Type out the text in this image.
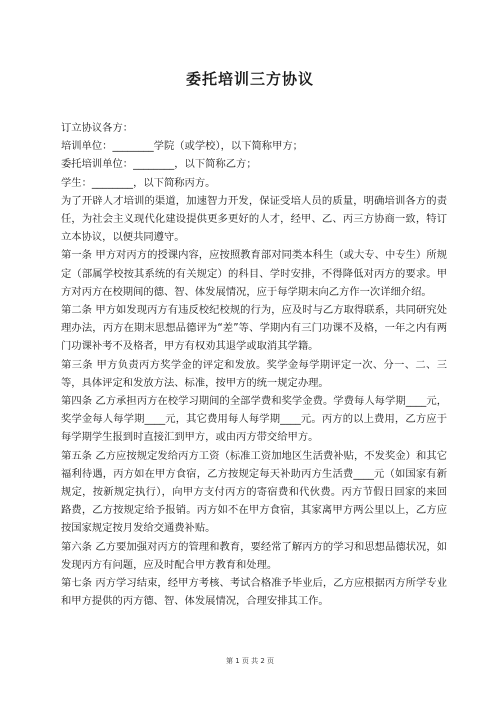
委托培训三方协议

订立协议各方：

培训单位：________学院（或学校），以下简称甲方；

委托培训单位：________，以下简称乙方；

学生：________，以下简称丙方。

为了开辟人才培训的渠道，加速智力开发，保证受培人员的质量，明确培训各方的责任，为社会主义现代化建设提供更多更好的人才，经甲、乙、丙三方协商一致，特订立本协议，以便共同遵守。

第一条 甲方对丙方的授课内容，应按照教育部对同类本科生（或大专、中专生）所规定（部属学校按其系统的有关规定）的科目、学时安排，不得降低对丙方的要求。甲方对丙方在校期间的德、智、体发展情况，应于每学期末向乙方作一次详细介绍。

第二条 甲方如发现丙方有违反校纪校规的行为，应及时与乙方取得联系，共同研究处理办法，丙方在期末思想品德评为“差”等、学期内有三门功课不及格，一年之内有两门功课补考不及格者，甲方有权劝其退学或取消其学籍。

第三条 甲方负责丙方奖学金的评定和发放。奖学金每学期评定一次、分一、二、三等，具体评定和发放方法、标准，按甲方的统一规定办理。

第四条 乙方承担丙方在校学习期间的全部学费和奖学金费。学费每人每学期____元，奖学金每人每学期____元，其它费用每人每学期____元。丙方的以上费用，乙方应于每学期学生报到时直接汇到甲方，或由丙方带交给甲方。

第五条 乙方应按规定发给丙方工资（标准工资加地区生活费补贴，不发奖金）和其它福利待遇，丙方如在甲方食宿，乙方按规定每天补助丙方生活费____元（如国家有新规定，按新规定执行），向甲方支付丙方的寄宿费和代伙费。丙方节假日回家的来回路费，乙方按规定给予报销。丙方如不在甲方食宿，其家离甲方两公里以上，乙方应按国家规定按月发给交通费补贴。

第六条 乙方要加强对丙方的管理和教育，要经常了解丙方的学习和思想品德状况，如发现丙方有问题，应及时配合甲方教育和处理。

第七条 丙方学习结束，经甲方考核、考试合格准予毕业后，乙方应根据丙方所学专业和甲方提供的丙方德、智、体发展情况，合理安排其工作。

第 1 页 共 2 页
